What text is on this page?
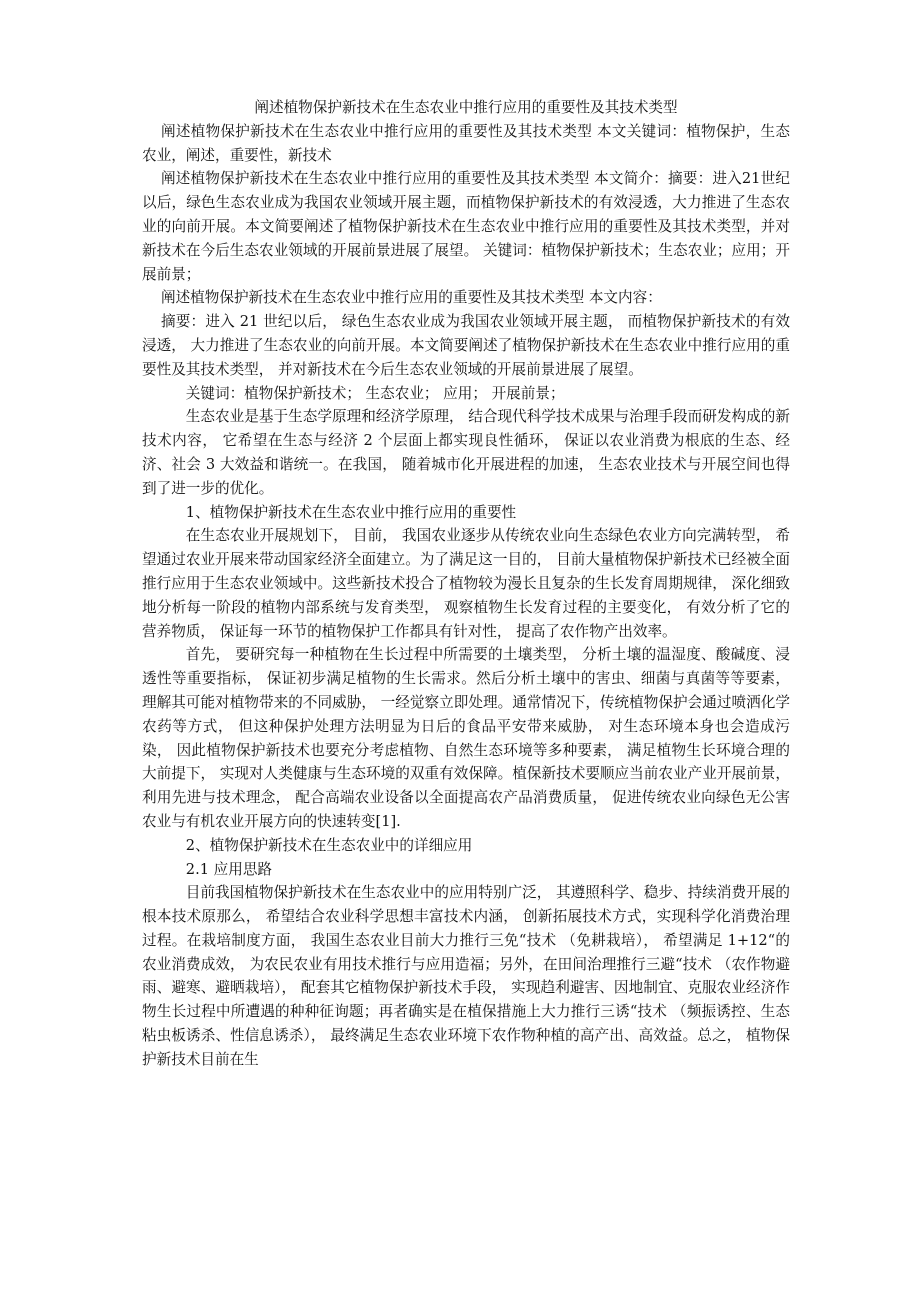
阐述植物保护新技术在生态农业中推行应用的重要性及其技术类型

阐述植物保护新技术在生态农业中推行应用的重要性及其技术类型 本文关键词：植物保护，生态农业，阐述，重要性，新技术

阐述植物保护新技术在生态农业中推行应用的重要性及其技术类型 本文简介：摘要：进入21世纪以后，绿色生态农业成为我国农业领域开展主题，而植物保护新技术的有效浸透，大力推进了生态农业的向前开展。本文简要阐述了植物保护新技术在生态农业中推行应用的重要性及其技术类型，并对新技术在今后生态农业领域的开展前景进展了展望。 关键词：植物保护新技术；生态农业；应用；开展前景；

阐述植物保护新技术在生态农业中推行应用的重要性及其技术类型 本文内容：

摘要：进入 21 世纪以后， 绿色生态农业成为我国农业领域开展主题， 而植物保护新技术的有效浸透， 大力推进了生态农业的向前开展。本文简要阐述了植物保护新技术在生态农业中推行应用的重要性及其技术类型， 并对新技术在今后生态农业领域的开展前景进展了展望。

关键词：植物保护新技术； 生态农业； 应用； 开展前景；

生态农业是基于生态学原理和经济学原理， 结合现代科学技术成果与治理手段而研发构成的新技术内容， 它希望在生态与经济 2 个层面上都实现良性循环， 保证以农业消费为根底的生态、经济、社会 3 大效益和谐统一。在我国， 随着城市化开展进程的加速， 生态农业技术与开展空间也得到了进一步的优化。

1、植物保护新技术在生态农业中推行应用的重要性

在生态农业开展规划下， 目前， 我国农业逐步从传统农业向生态绿色农业方向完满转型， 希望通过农业开展来带动国家经济全面建立。为了满足这一目的， 目前大量植物保护新技术已经被全面推行应用于生态农业领域中。这些新技术投合了植物较为漫长且复杂的生长发育周期规律， 深化细致地分析每一阶段的植物内部系统与发育类型， 观察植物生长发育过程的主要变化， 有效分析了它的营养物质， 保证每一环节的植物保护工作都具有针对性， 提高了农作物产出效率。

首先， 要研究每一种植物在生长过程中所需要的土壤类型， 分析土壤的温湿度、酸碱度、浸透性等重要指标， 保证初步满足植物的生长需求。然后分析土壤中的害虫、细菌与真菌等等要素， 理解其可能对植物带来的不同威胁， 一经觉察立即处理。通常情况下，传统植物保护会通过喷洒化学农药等方式， 但这种保护处理方法明显为日后的食品平安带来威胁， 对生态环境本身也会造成污染， 因此植物保护新技术也要充分考虑植物、自然生态环境等多种要素， 满足植物生长环境合理的大前提下， 实现对人类健康与生态环境的双重有效保障。植保新技术要顺应当前农业产业开展前景， 利用先进与技术理念， 配合高端农业设备以全面提高农产品消费质量， 促进传统农业向绿色无公害农业与有机农业开展方向的快速转变[1].

2、植物保护新技术在生态农业中的详细应用

2.1 应用思路

目前我国植物保护新技术在生态农业中的应用特别广泛， 其遵照科学、稳步、持续消费开展的根本技术原那么， 希望结合农业科学思想丰富技术内涵， 创新拓展技术方式，实现科学化消费治理过程。在栽培制度方面， 我国生态农业目前大力推行三免“技术 （免耕栽培）， 希望满足 1+12“的农业消费成效， 为农民农业有用技术推行与应用造福；另外，在田间治理推行三避“技术 （农作物避雨、避寒、避晒栽培）， 配套其它植物保护新技术手段， 实现趋利避害、因地制宜、克服农业经济作物生长过程中所遭遇的种种征询题；再者确实是在植保措施上大力推行三诱“技术 （频振诱控、生态粘虫板诱杀、性信息诱杀）， 最终满足生态农业环境下农作物种植的高产出、高效益。总之， 植物保护新技术目前在生
